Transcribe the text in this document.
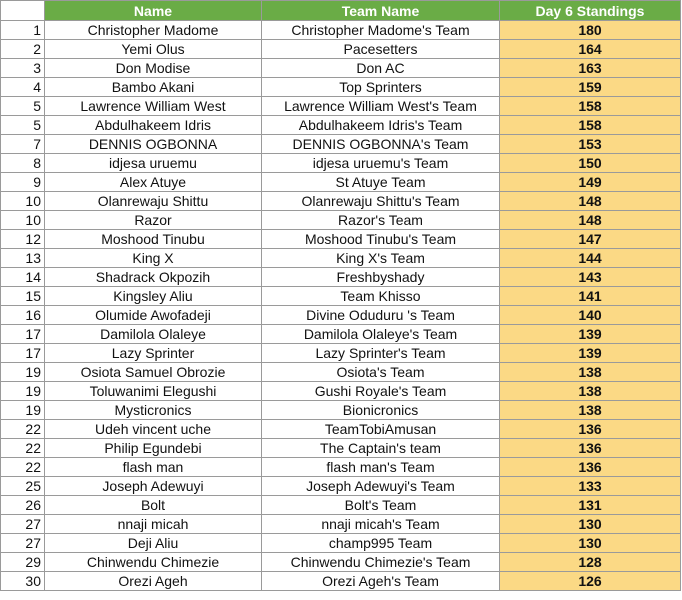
	Name	Team Name	Day 6 Standings
1	Christopher Madome	Christopher Madome's Team	180
2	Yemi Olus	Pacesetters	164
3	Don Modise	Don AC	163
4	Bambo Akani	Top Sprinters	159
5	Lawrence William West	Lawrence William West's Team	158
5	Abdulhakeem Idris	Abdulhakeem Idris's Team	158
7	DENNIS OGBONNA	DENNIS OGBONNA's Team	153
8	idjesa uruemu	idjesa uruemu's Team	150
9	Alex Atuye	St Atuye Team	149
10	Olanrewaju Shittu	Olanrewaju Shittu's Team	148
10	Razor	Razor's Team	148
12	Moshood Tinubu	Moshood Tinubu's Team	147
13	King X	King X's Team	144
14	Shadrack Okpozih	Freshbyshady	143
15	Kingsley Aliu	Team Khisso	141
16	Olumide Awofadeji	Divine Oduduru 's Team	140
17	Damilola Olaleye	Damilola Olaleye's Team	139
17	Lazy Sprinter	Lazy Sprinter's Team	139
19	Osiota Samuel Obrozie	Osiota's Team	138
19	Toluwanimi Elegushi	Gushi Royale's Team	138
19	Mysticronics	Bionicronics	138
22	Udeh vincent uche	TeamTobiAmusan	136
22	Philip Egundebi	The Captain's team	136
22	flash man	flash man's Team	136
25	Joseph Adewuyi	Joseph Adewuyi's Team	133
26	Bolt	Bolt's Team	131
27	nnaji micah	nnaji micah's Team	130
27	Deji Aliu	champ995 Team	130
29	Chinwendu Chimezie	Chinwendu Chimezie's Team	128
30	Orezi Ageh	Orezi Ageh's Team	126
